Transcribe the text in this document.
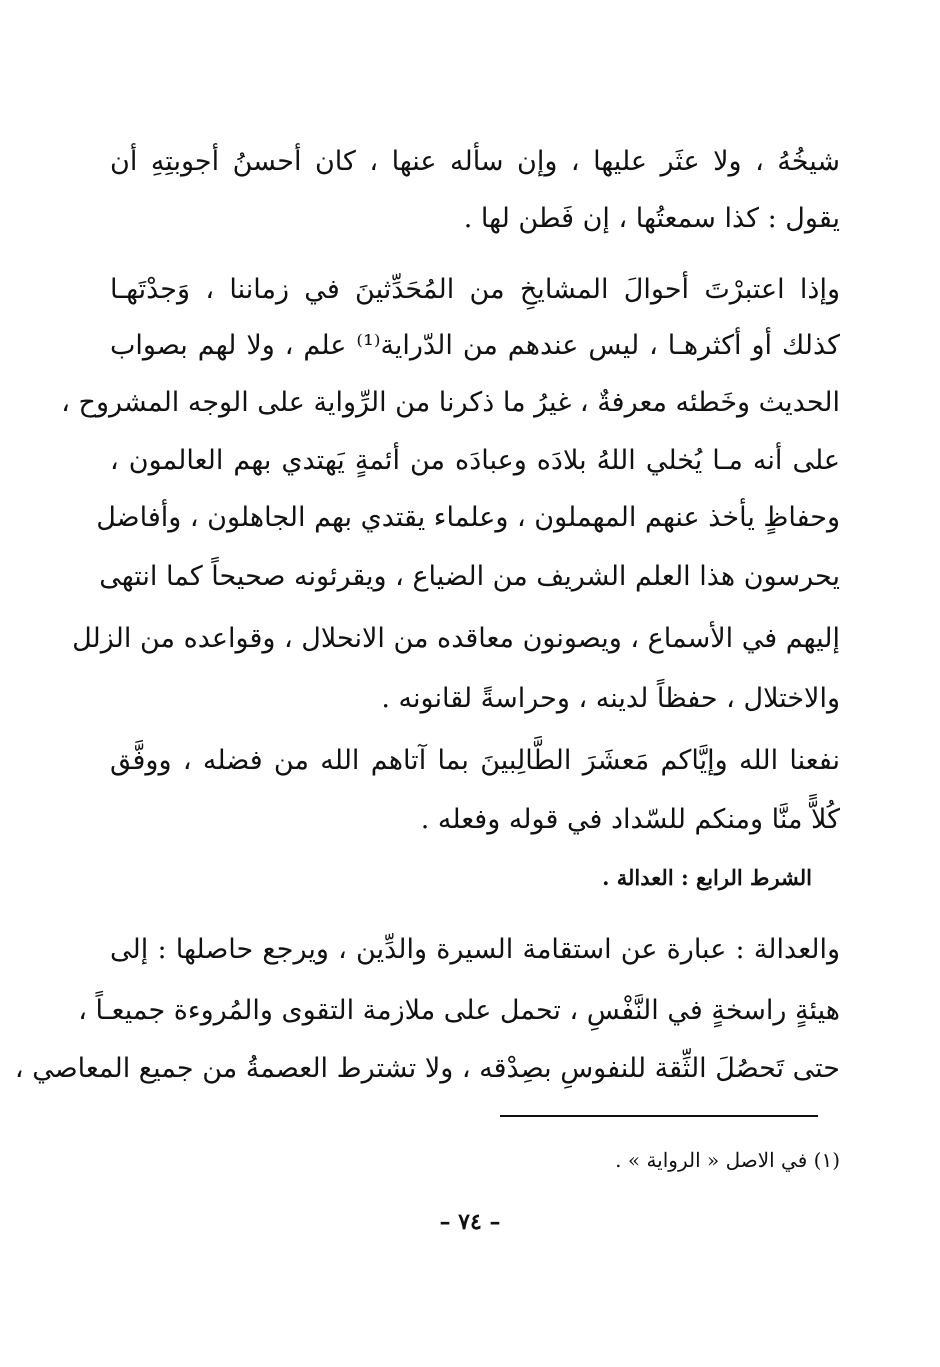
شيخُهُ ، ولا عثَر عليها ، وإن سأله عنها ، كان أحسنُ أجوبتِهِ أن
يقول : كذا سمعتُها ، إن فَطن لها .
وإذا اعتبرْتَ أحوالَ المشايخِ من المُحَدِّثينَ في زماننا ، وَجدْتَهـا
كذلك أو أكثرهـا ، ليس عندهم من الدّراية⁽¹⁾ علم ، ولا لهم بصواب
الحديث وخَطئه معرفةٌ ، غيرُ ما ذكرنا من الرِّواية على الوجه المشروح ،
على أنه مـا يُخلي اللهُ بلادَه وعبادَه من أئمةٍ يَهتدي بهم العالمون ،
وحفاظٍ يأخذ عنهم المهملون ، وعلماء يقتدي بهم الجاهلون ، وأفاضل
يحرسون هذا العلم الشريف من الضياع ، ويقرئونه صحيحاً كما انتهى
إليهم في الأسماع ، ويصونون معاقده من الانحلال ، وقواعده من الزلل
والاختلال ، حفظاً لدينه ، وحراسةً لقانونه .
نفعنا الله وإيَّاكم مَعشَرَ الطَّالِبينَ بما آتاهم الله من فضله ، ووفَّق
كُلاًّ منَّا ومنكم للسّداد في قوله وفعله .
الشرط الرابع : العدالة .
والعدالة : عبارة عن استقامة السيرة والدِّين ، ويرجع حاصلها : إلى
هيئةٍ راسخةٍ في النَّفْسِ ، تحمل على ملازمة التقوى والمُروءة جميعـاً ،
حتى تَحصُلَ الثِّقة للنفوسِ بصِدْقه ، ولا تشترط العصمةُ من جميع المعاصي ،
(١) في الاصل « الرواية » .
– ٧٤ –
